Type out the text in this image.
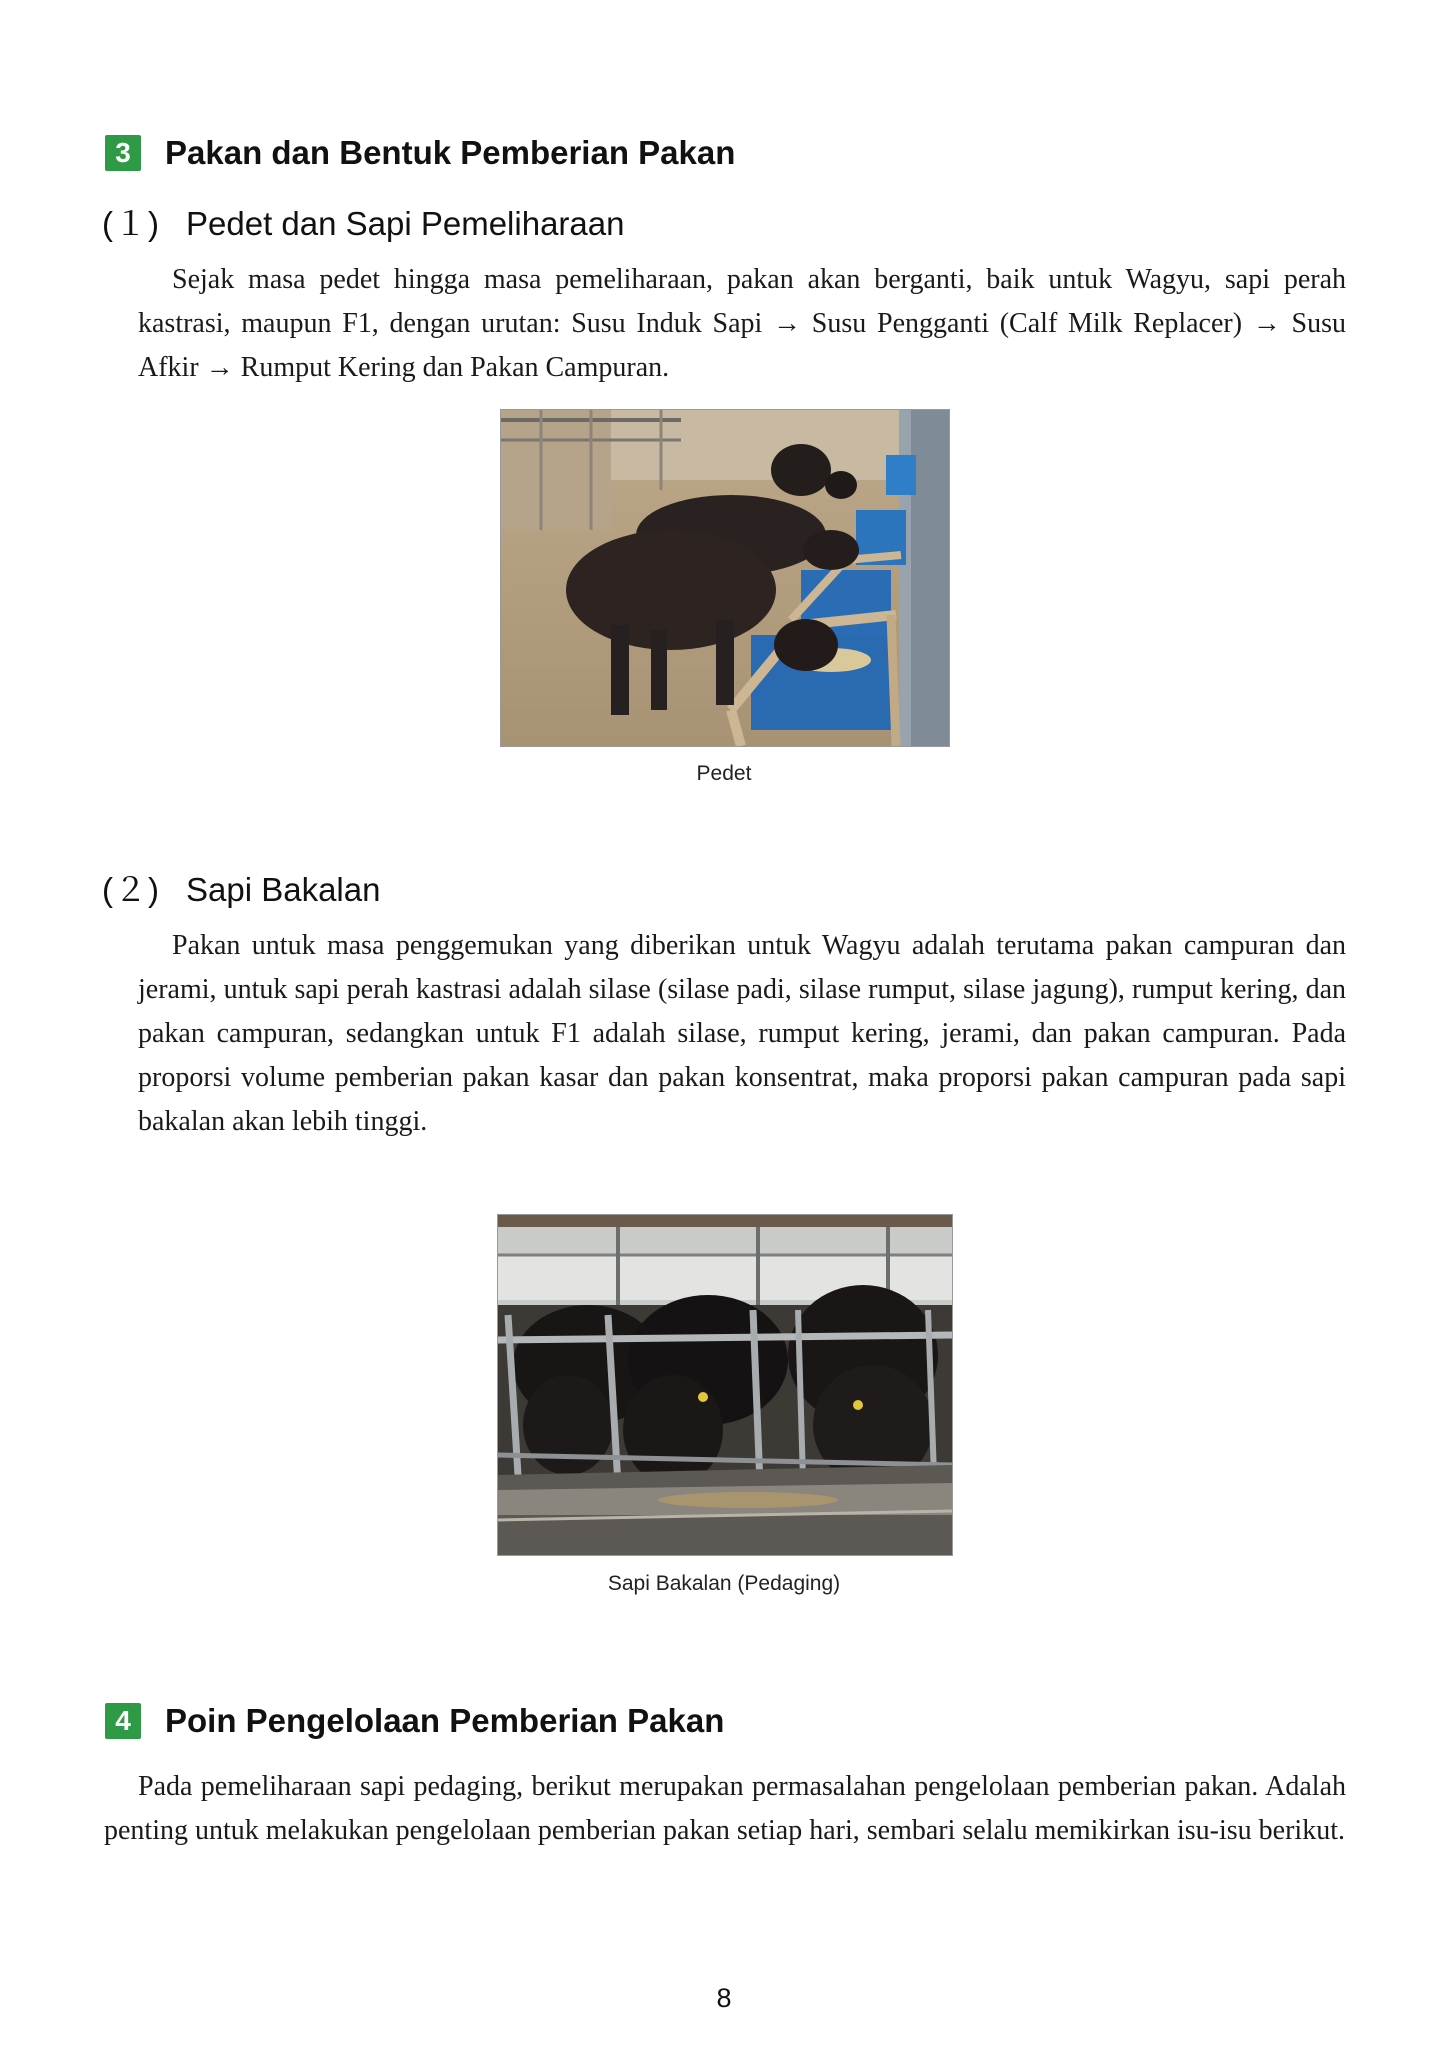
3	Pakan dan Bentuk Pemberian Pakan
(１) Pedet dan Sapi Pemeliharaan

Sejak masa pedet hingga masa pemeliharaan, pakan akan berganti, baik untuk Wagyu, sapi perah kastrasi, maupun F1, dengan urutan: Susu Induk Sapi → Susu Pengganti (Calf Milk Replacer) → Susu Afkir → Rumput Kering dan Pakan Campuran.

Pedet
(２) Sapi Bakalan

Pakan untuk masa penggemukan yang diberikan untuk Wagyu adalah terutama pakan campuran dan jerami, untuk sapi perah kastrasi adalah silase (silase padi, silase rumput, silase jagung), rumput kering, dan pakan campuran, sedangkan untuk F1 adalah silase, rumput kering, jerami, dan pakan campuran. Pada proporsi volume pemberian pakan kasar dan pakan konsentrat, maka proporsi pakan campuran pada sapi bakalan akan lebih tinggi.

Sapi Bakalan (Pedaging)
4	Poin Pengelolaan Pemberian Pakan

Pada pemeliharaan sapi pedaging, berikut merupakan permasalahan pengelolaan pemberian pakan. Adalah penting untuk melakukan pengelolaan pemberian pakan setiap hari, sembari selalu memikirkan isu-isu berikut.

8
